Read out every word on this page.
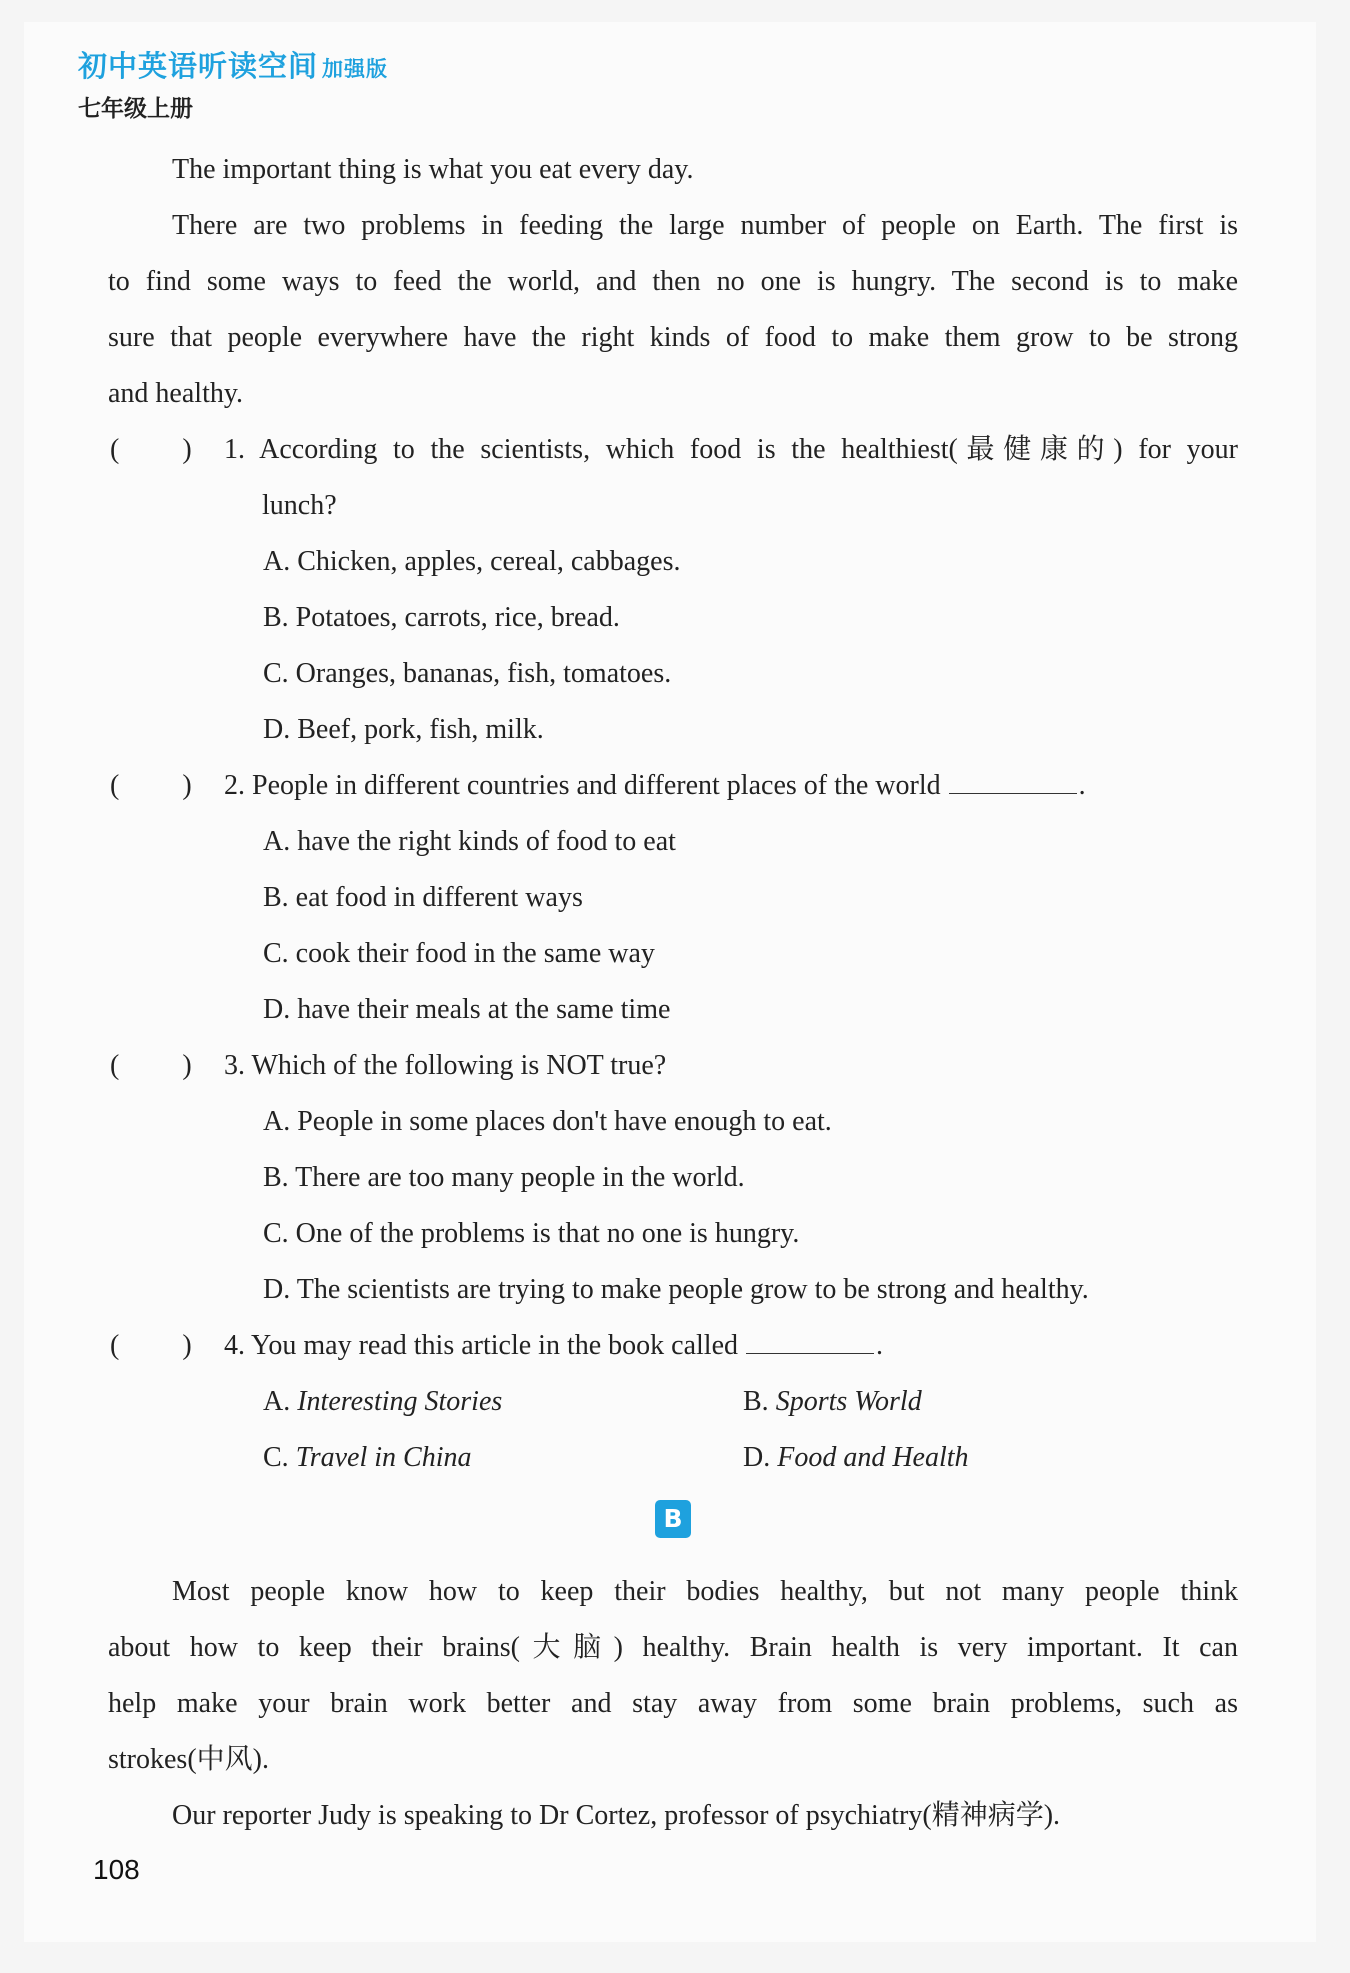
初中英语听读空间 加强版
七年级上册
The important thing is what you eat every day.
There are two problems in feeding the large number of people on Earth. The first is
to find some ways to feed the world, and then no one is hungry. The second is to make
sure that people everywhere have the right kinds of food to make them grow to be strong
and healthy.
(   ) 1. According to the scientists, which food is the healthiest(最健康的) for your
lunch?
A. Chicken, apples, cereal, cabbages.
B. Potatoes, carrots, rice, bread.
C. Oranges, bananas, fish, tomatoes.
D. Beef, pork, fish, milk.
(   ) 2. People in different countries and different places of the world	.
A. have the right kinds of food to eat
B. eat food in different ways
C. cook their food in the same way
D. have their meals at the same time
(   ) 3. Which of the following is NOT true?
A. People in some places don't have enough to eat.
B. There are too many people in the world.
C. One of the problems is that no one is hungry.
D. The scientists are trying to make people grow to be strong and healthy.
(   ) 4. You may read this article in the book called	.
A. Interesting Stories	B. Sports World
C. Travel in China	D. Food and Health
B
Most people know how to keep their bodies healthy, but not many people think
about how to keep their brains(大脑) healthy. Brain health is very important. It can
help make your brain work better and stay away from some brain problems, such as
strokes(中风).
Our reporter Judy is speaking to Dr Cortez, professor of psychiatry(精神病学).
108
